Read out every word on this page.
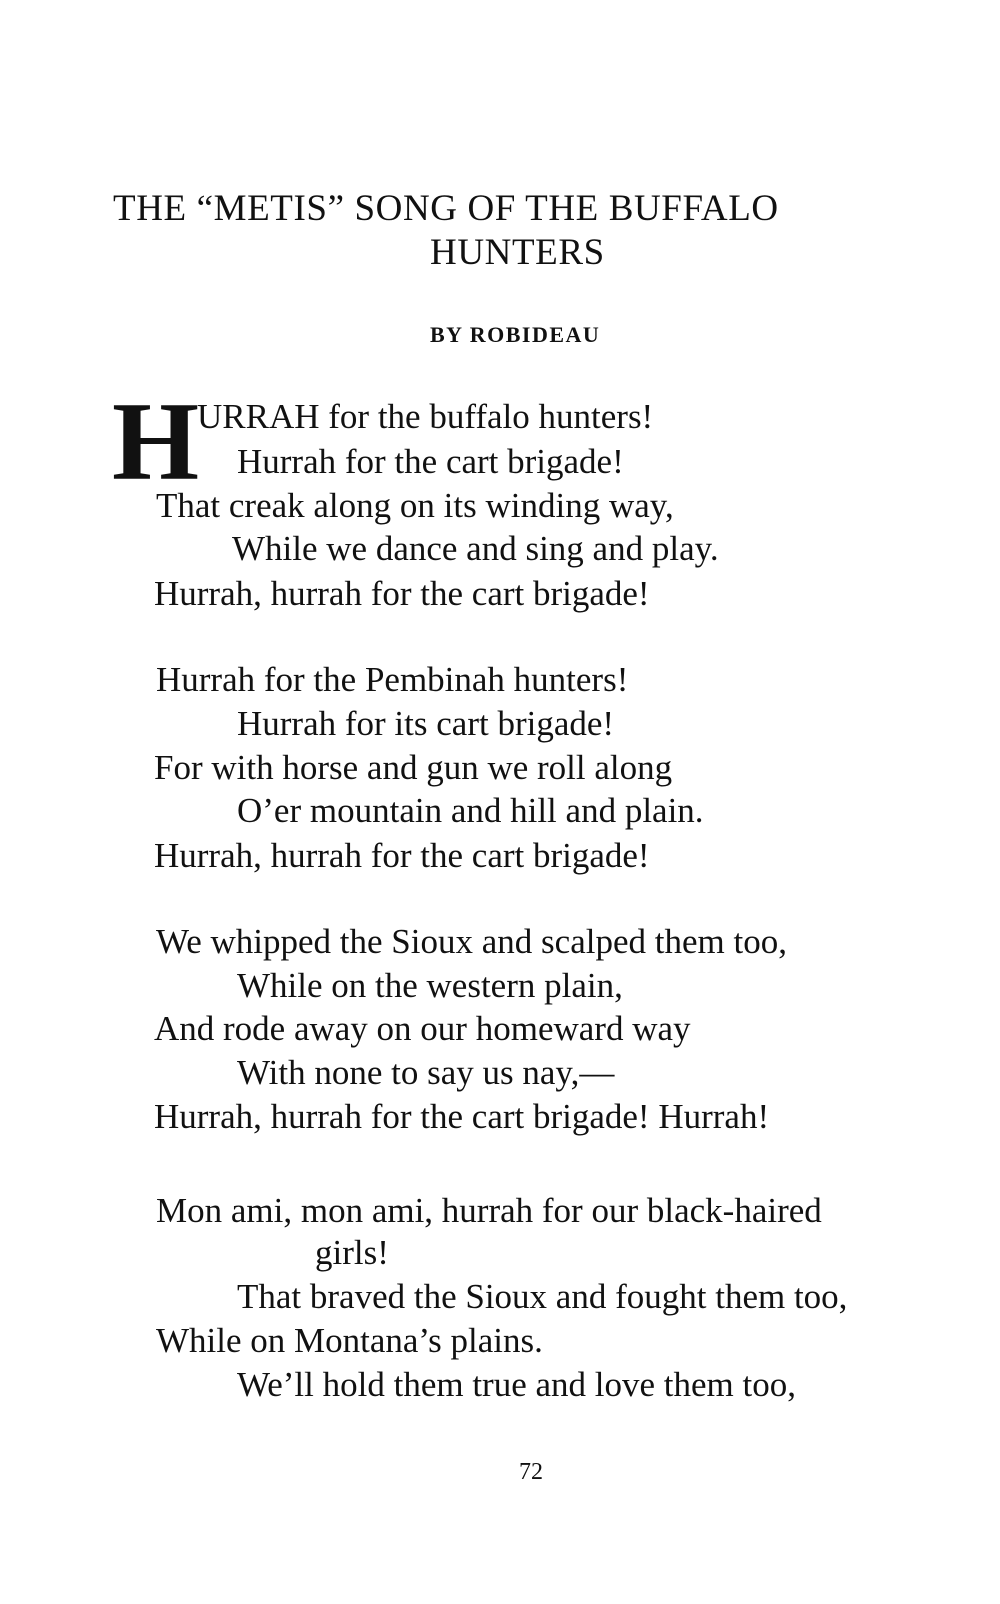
THE “METIS” SONG OF THE BUFFALO
HUNTERS
BY ROBIDEAU
H
URRAH for the buffalo hunters!
Hurrah for the cart brigade!
That creak along on its winding way,
While we dance and sing and play.
Hurrah, hurrah for the cart brigade!
Hurrah for the Pembinah hunters!
Hurrah for its cart brigade!
For with horse and gun we roll along
O’er mountain and hill and plain.
Hurrah, hurrah for the cart brigade!
We whipped the Sioux and scalped them too,
While on the western plain,
And rode away on our homeward way
With none to say us nay,—
Hurrah, hurrah for the cart brigade! Hurrah!
Mon ami, mon ami, hurrah for our black-haired
girls!
That braved the Sioux and fought them too,
While on Montana’s plains.
We’ll hold them true and love them too,
72
